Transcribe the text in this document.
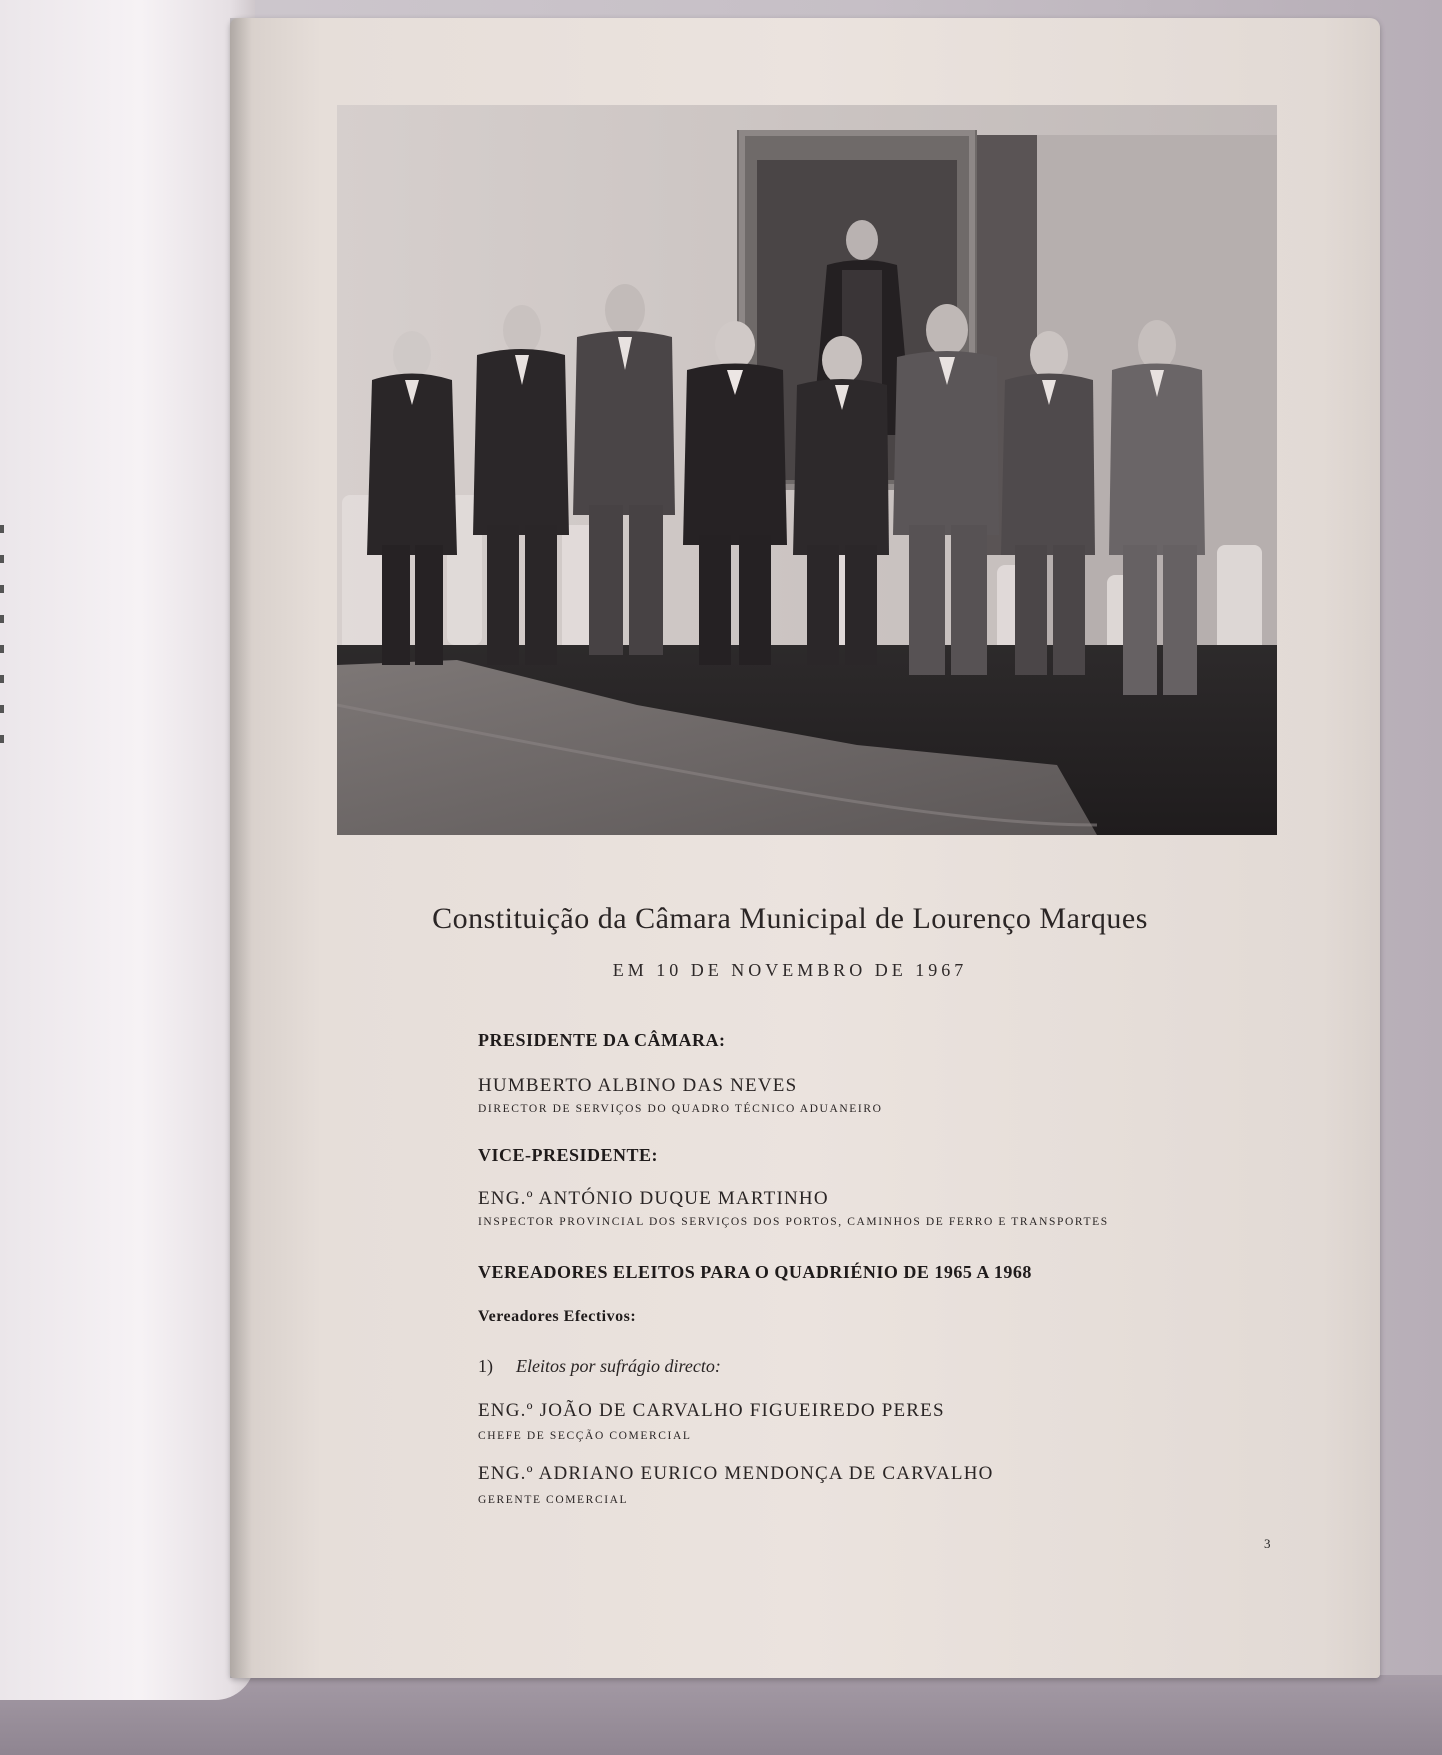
Constituição da Câmara Municipal de Lourenço Marques
EM 10 DE NOVEMBRO DE 1967
PRESIDENTE DA CÂMARA:
HUMBERTO ALBINO DAS NEVES
DIRECTOR DE SERVIÇOS DO QUADRO TÉCNICO ADUANEIRO
VICE-PRESIDENTE:
ENG.º ANTÓNIO DUQUE MARTINHO
INSPECTOR PROVINCIAL DOS SERVIÇOS DOS PORTOS, CAMINHOS DE FERRO E TRANSPORTES
VEREADORES ELEITOS PARA O QUADRIÉNIO DE 1965 A 1968
Vereadores Efectivos:
1) Eleitos por sufrágio directo:
ENG.º JOÃO DE CARVALHO FIGUEIREDO PERES
CHEFE DE SECÇÃO COMERCIAL
ENG.º ADRIANO EURICO MENDONÇA DE CARVALHO
GERENTE COMERCIAL
3
